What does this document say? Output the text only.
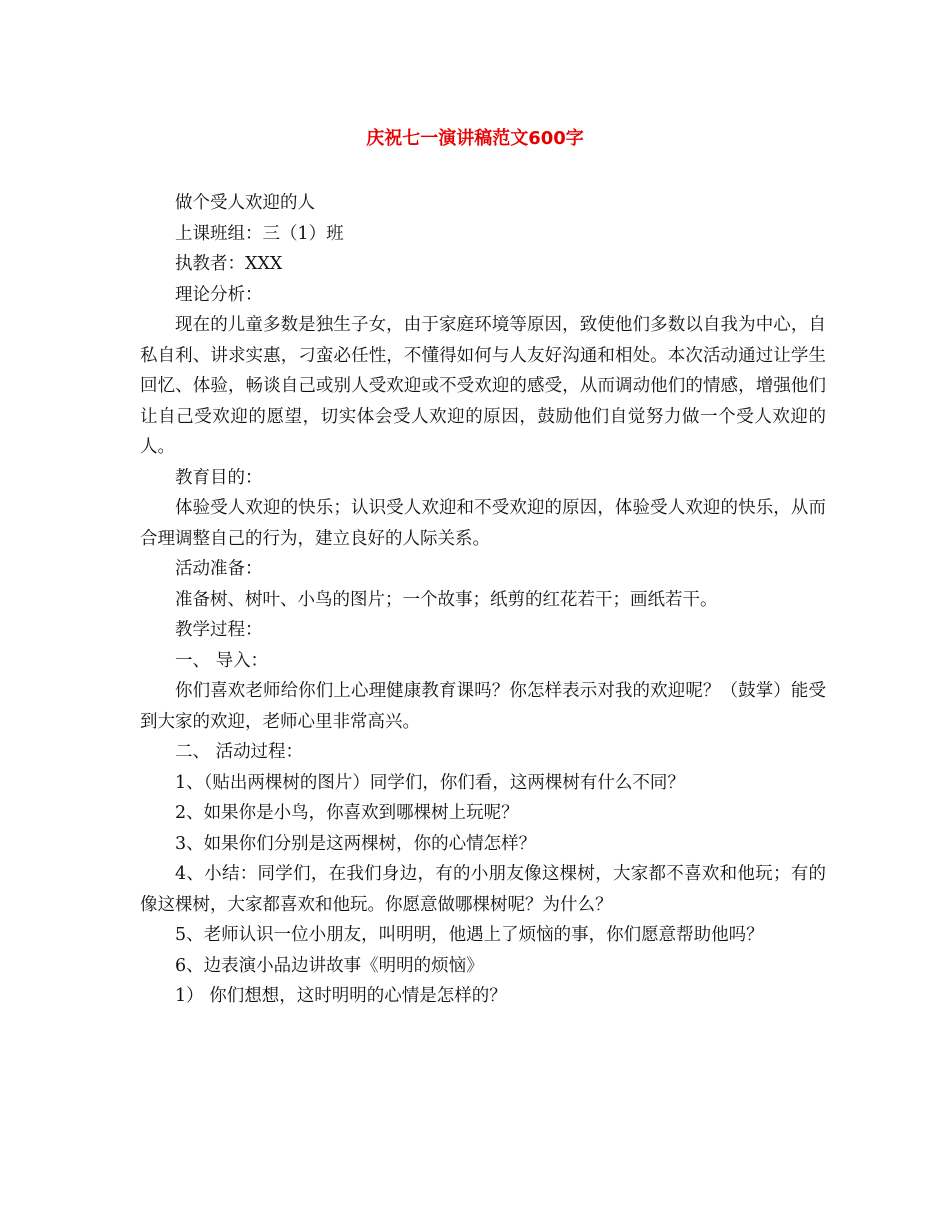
庆祝七一演讲稿范文600字

做个受人欢迎的人

上课班组：三（1）班

执教者：XXX

理论分析：

现在的儿童多数是独生子女，由于家庭环境等原因，致使他们多数以自我为中心，自私自利、讲求实惠，刁蛮必任性，不懂得如何与人友好沟通和相处。本次活动通过让学生回忆、体验，畅谈自己或别人受欢迎或不受欢迎的感受，从而调动他们的情感，增强他们让自己受欢迎的愿望，切实体会受人欢迎的原因，鼓励他们自觉努力做一个受人欢迎的人。

教育目的：

体验受人欢迎的快乐；认识受人欢迎和不受欢迎的原因，体验受人欢迎的快乐，从而合理调整自己的行为，建立良好的人际关系。

活动准备：

准备树、树叶、小鸟的图片；一个故事；纸剪的红花若干；画纸若干。

教学过程：

一、 导入：

你们喜欢老师给你们上心理健康教育课吗？你怎样表示对我的欢迎呢？（鼓掌）能受到大家的欢迎，老师心里非常高兴。

二、 活动过程：

1、（贴出两棵树的图片）同学们，你们看，这两棵树有什么不同？

2、如果你是小鸟，你喜欢到哪棵树上玩呢？

3、如果你们分别是这两棵树，你的心情怎样？

4、小结：同学们，在我们身边，有的小朋友像这棵树，大家都不喜欢和他玩；有的像这棵树，大家都喜欢和他玩。你愿意做哪棵树呢？为什么？

5、老师认识一位小朋友，叫明明，他遇上了烦恼的事，你们愿意帮助他吗？

6、边表演小品边讲故事《明明的烦恼》

1） 你们想想，这时明明的心情是怎样的？
